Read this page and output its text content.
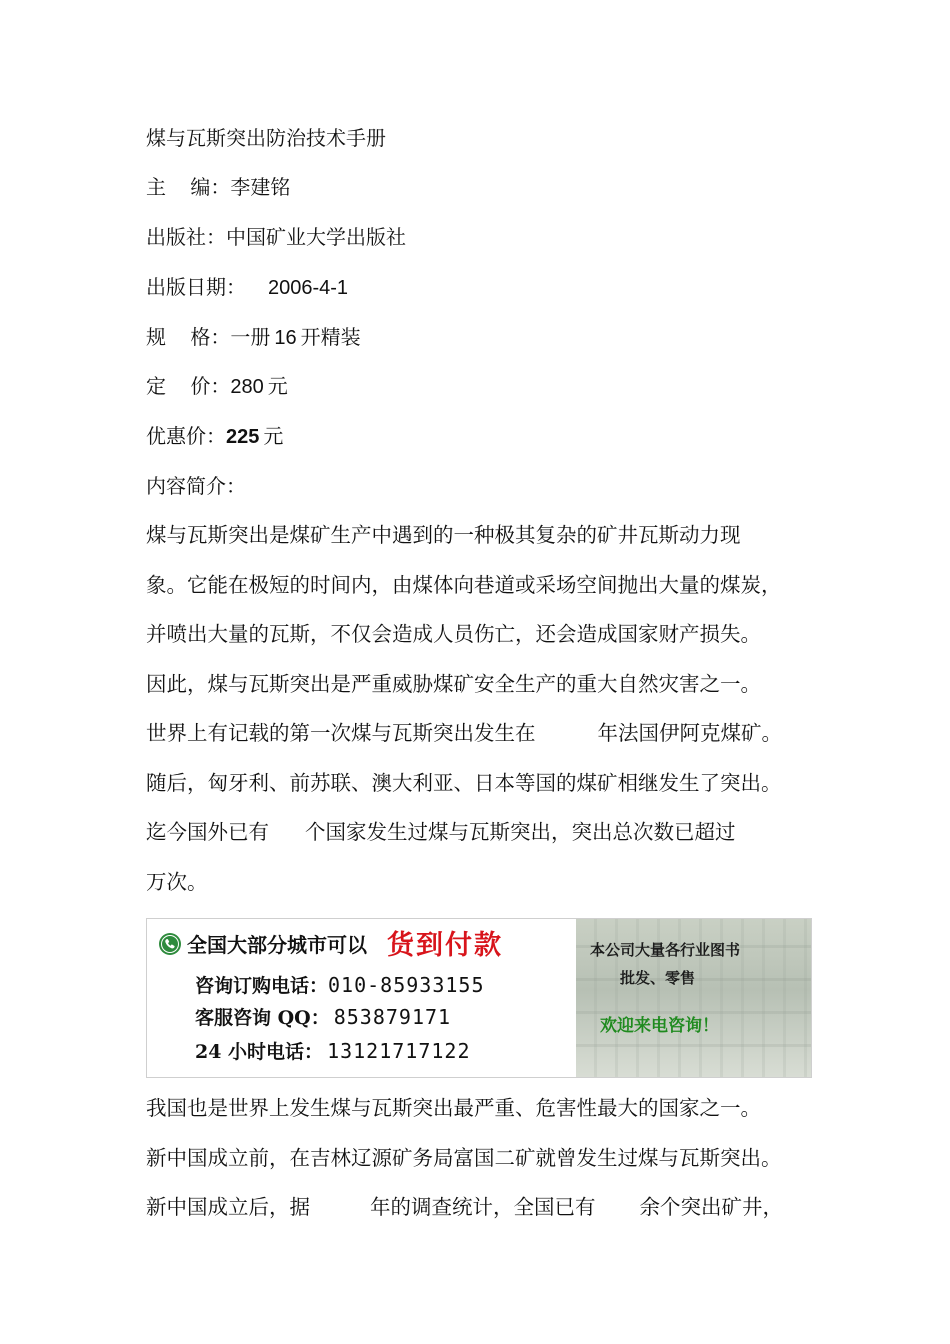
煤与瓦斯突出防治技术手册
主 编：李建铭
出版社：中国矿业大学出版社
出版日期： 2006-4-1
规 格：一册 16 开精装
定 价：280 元
优惠价：225 元
内容简介：
煤与瓦斯突出是煤矿生产中遇到的一种极其复杂的矿井瓦斯动力现
象。它能在极短的时间内，由煤体向巷道或采场空间抛出大量的煤炭，
并喷出大量的瓦斯，不仅会造成人员伤亡，还会造成国家财产损失。
因此，煤与瓦斯突出是严重威胁煤矿安全生产的重大自然灾害之一。
世界上有记载的第一次煤与瓦斯突出发生在	年法国伊阿克煤矿。
随后，匈牙利、前苏联、澳大利亚、日本等国的煤矿相继发生了突出。
迄今国外已有 个国家发生过煤与瓦斯突出，突出总次数已超过
万次。
全国大部分城市可以 货到付款
咨询订购电话：010-85933155
客服咨询 QQ： 853879171
24 小时电话： 13121717122
本公司大量各行业图书
批发、零售
欢迎来电咨询！
我国也是世界上发生煤与瓦斯突出最严重、危害性最大的国家之一。
新中国成立前，在吉林辽源矿务局富国二矿就曾发生过煤与瓦斯突出。
新中国成立后，据	年的调查统计，全国已有 余个突出矿井，
